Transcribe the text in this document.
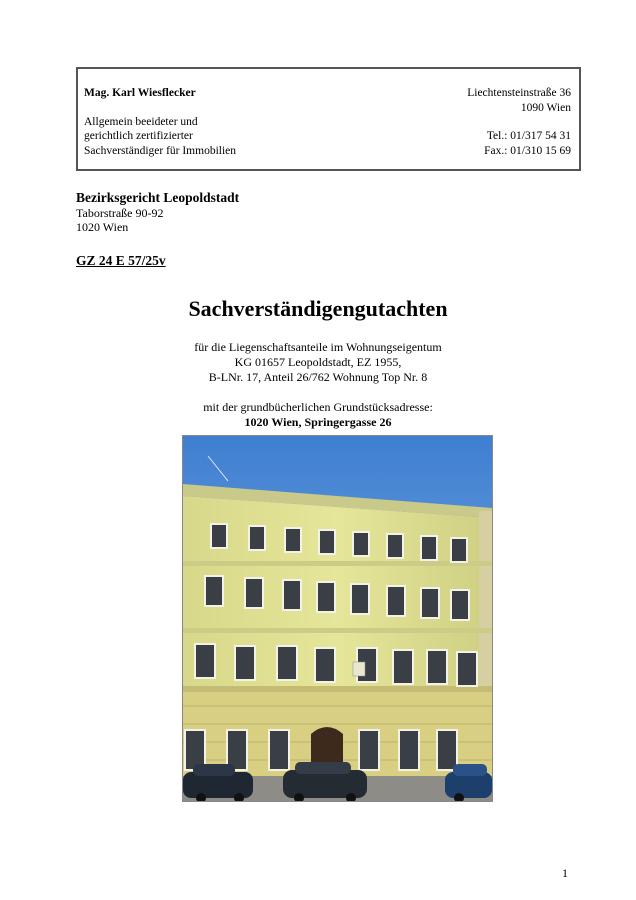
Mag. Karl Wiesflecker
Allgemein beeideter und
gerichtlich zertifizierter
Sachverständiger für Immobilien
Liechtensteinstraße 36
1090 Wien
Tel.: 01/317 54 31
Fax.: 01/310 15 69
Bezirksgericht Leopoldstadt
Taborstraße 90-92
1020 Wien
GZ 24 E 57/25v
Sachverständigengutachten
für die Liegenschaftsanteile im Wohnungseigentum
KG 01657 Leopoldstadt, EZ 1955,
B-LNr. 17, Anteil 26/762 Wohnung Top Nr. 8
mit der grundbücherlichen Grundstücksadresse:
1020 Wien, Springergasse 26
1
